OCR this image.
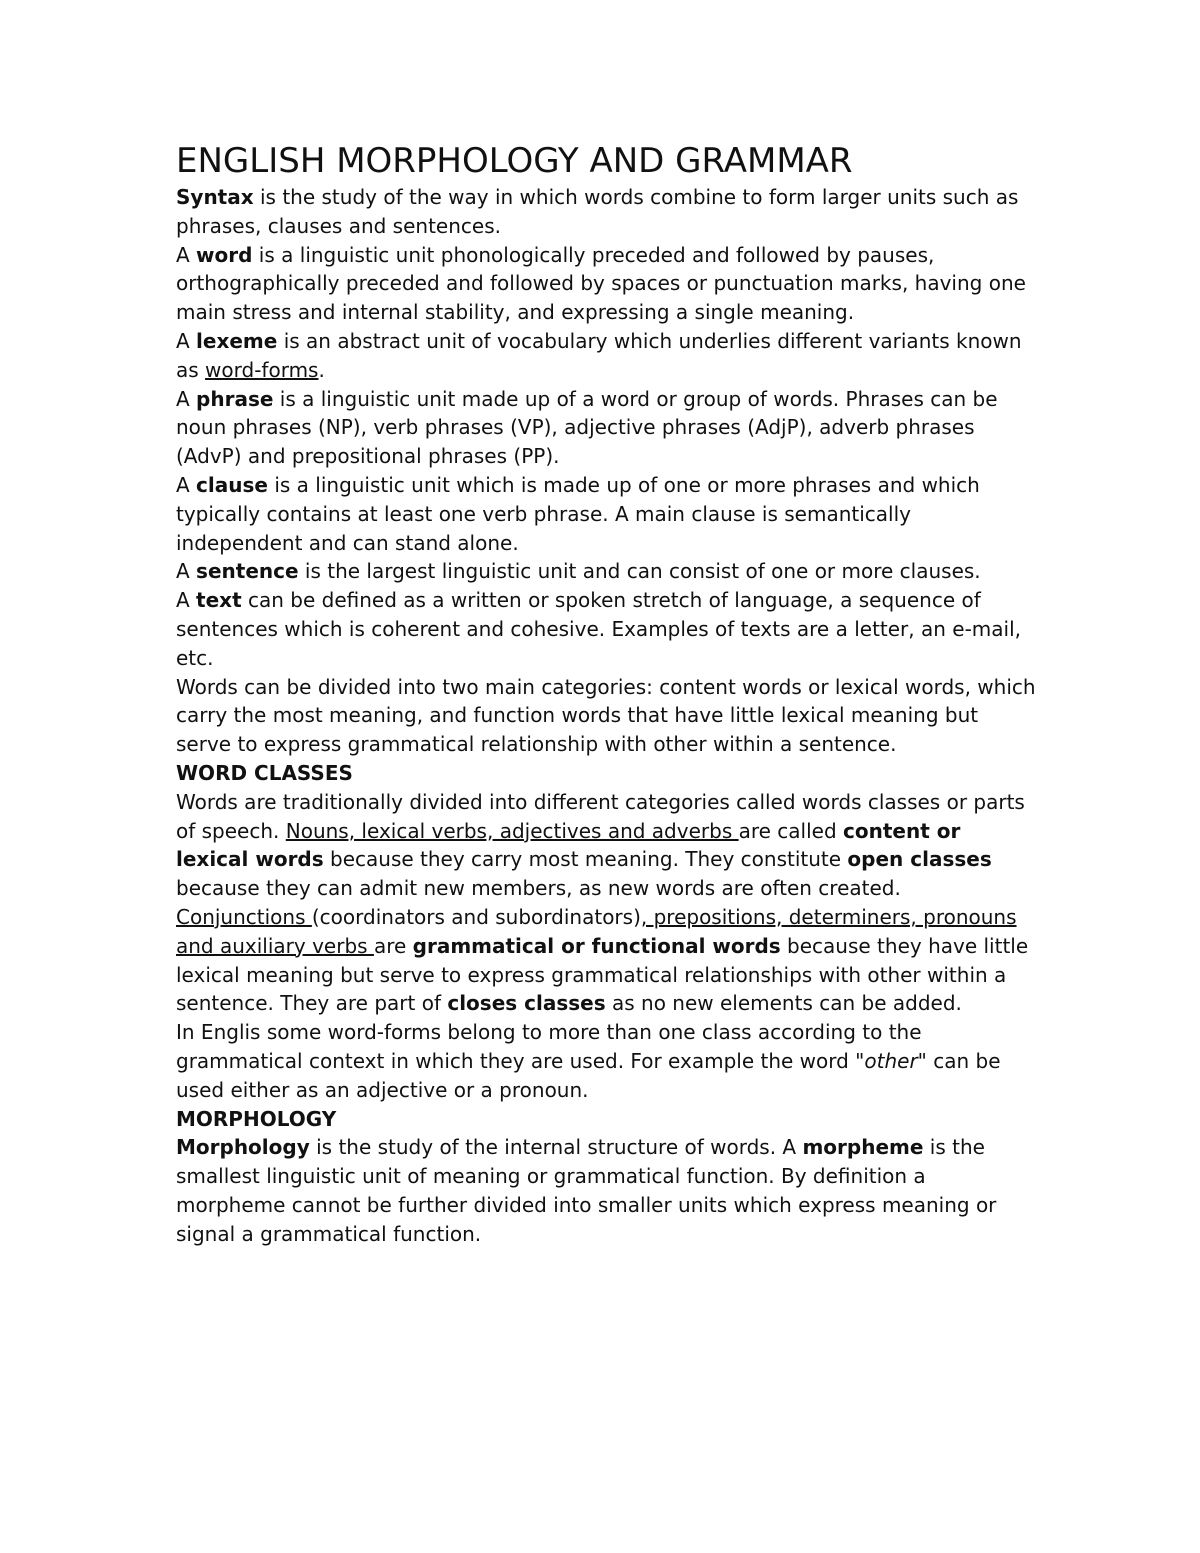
ENGLISH MORPHOLOGY AND GRAMMAR

Syntax is the study of the way in which words combine to form larger units such as phrases, clauses and sentences.

A word is a linguistic unit phonologically preceded and followed by pauses, orthographically preceded and followed by spaces or punctuation marks, having one main stress and internal stability, and expressing a single meaning.

A lexeme is an abstract unit of vocabulary which underlies different variants known as word-forms.

A phrase is a linguistic unit made up of a word or group of words. Phrases can be noun phrases (NP), verb phrases (VP), adjective phrases (AdjP), adverb phrases (AdvP) and prepositional phrases (PP).

A clause is a linguistic unit which is made up of one or more phrases and which typically contains at least one verb phrase. A main clause is semantically independent and can stand alone.

A sentence is the largest linguistic unit and can consist of one or more clauses.

A text can be defined as a written or spoken stretch of language, a sequence of sentences which is coherent and cohesive. Examples of texts are a letter, an e-mail, etc.

Words can be divided into two main categories: content words or lexical words, which carry the most meaning, and function words that have little lexical meaning but serve to express grammatical relationship with other within a sentence.

WORD CLASSES

Words are traditionally divided into different categories called words classes or parts of speech. Nouns, lexical verbs, adjectives and adverbs are called content or lexical words because they carry most meaning. They constitute open classes because they can admit new members, as new words are often created.

Conjunctions (coordinators and subordinators), prepositions, determiners, pronouns and auxiliary verbs are grammatical or functional words because they have little lexical meaning but serve to express grammatical relationships with other within a sentence. They are part of closes classes as no new elements can be added.

In Englis some word-forms belong to more than one class according to the grammatical context in which they are used. For example the word "other" can be used either as an adjective or a pronoun.

MORPHOLOGY

Morphology is the study of the internal structure of words. A morpheme is the smallest linguistic unit of meaning or grammatical function. By definition a morpheme cannot be further divided into smaller units which express meaning or signal a grammatical function.
